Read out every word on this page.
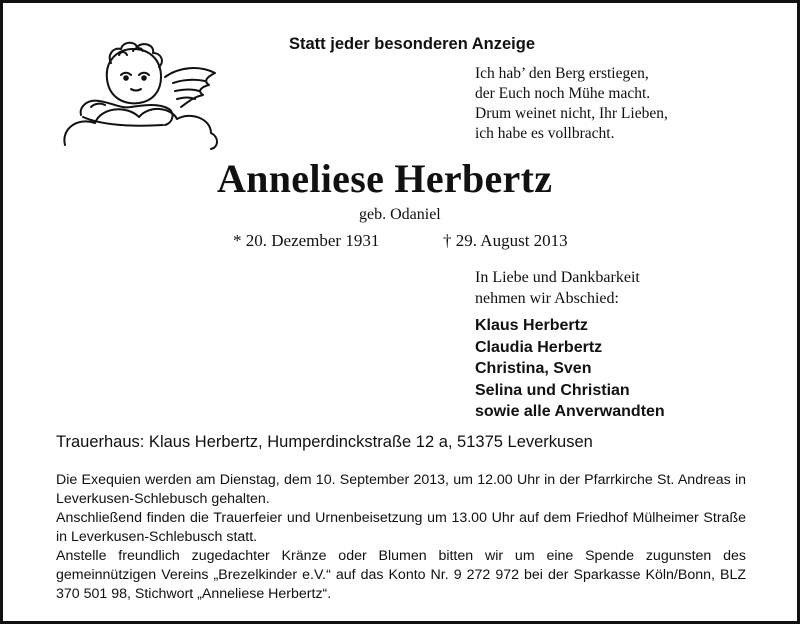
Statt jeder besonderen Anzeige
Ich hab’ den Berg erstiegen,
der Euch noch Mühe macht.
Drum weinet nicht, Ihr Lieben,
ich habe es vollbracht.
Anneliese Herbertz
geb. Odaniel
* 20. Dezember 1931	† 29. August 2013
In Liebe und Dankbarkeit
nehmen wir Abschied:
Klaus Herbertz
Claudia Herbertz
Christina, Sven
Selina und Christian
sowie alle Anverwandten
Trauerhaus: Klaus Herbertz, Humperdinckstraße 12 a, 51375 Leverkusen

Die Exequien werden am Dienstag, dem 10. September 2013, um 12.00 Uhr in der Pfarrkirche St. Andreas in Leverkusen-Schlebusch gehalten.

Anschließend finden die Trauerfeier und Urnenbeisetzung um 13.00 Uhr auf dem Friedhof Mülheimer Straße in Leverkusen-Schlebusch statt.

Anstelle freundlich zugedachter Kränze oder Blumen bitten wir um eine Spende zugunsten des gemeinnützigen Vereins „Brezelkinder e.V.“ auf das Konto Nr. 9 272 972 bei der Sparkasse Köln/Bonn, BLZ 370 501 98, Stichwort „Anneliese Herbertz“.
